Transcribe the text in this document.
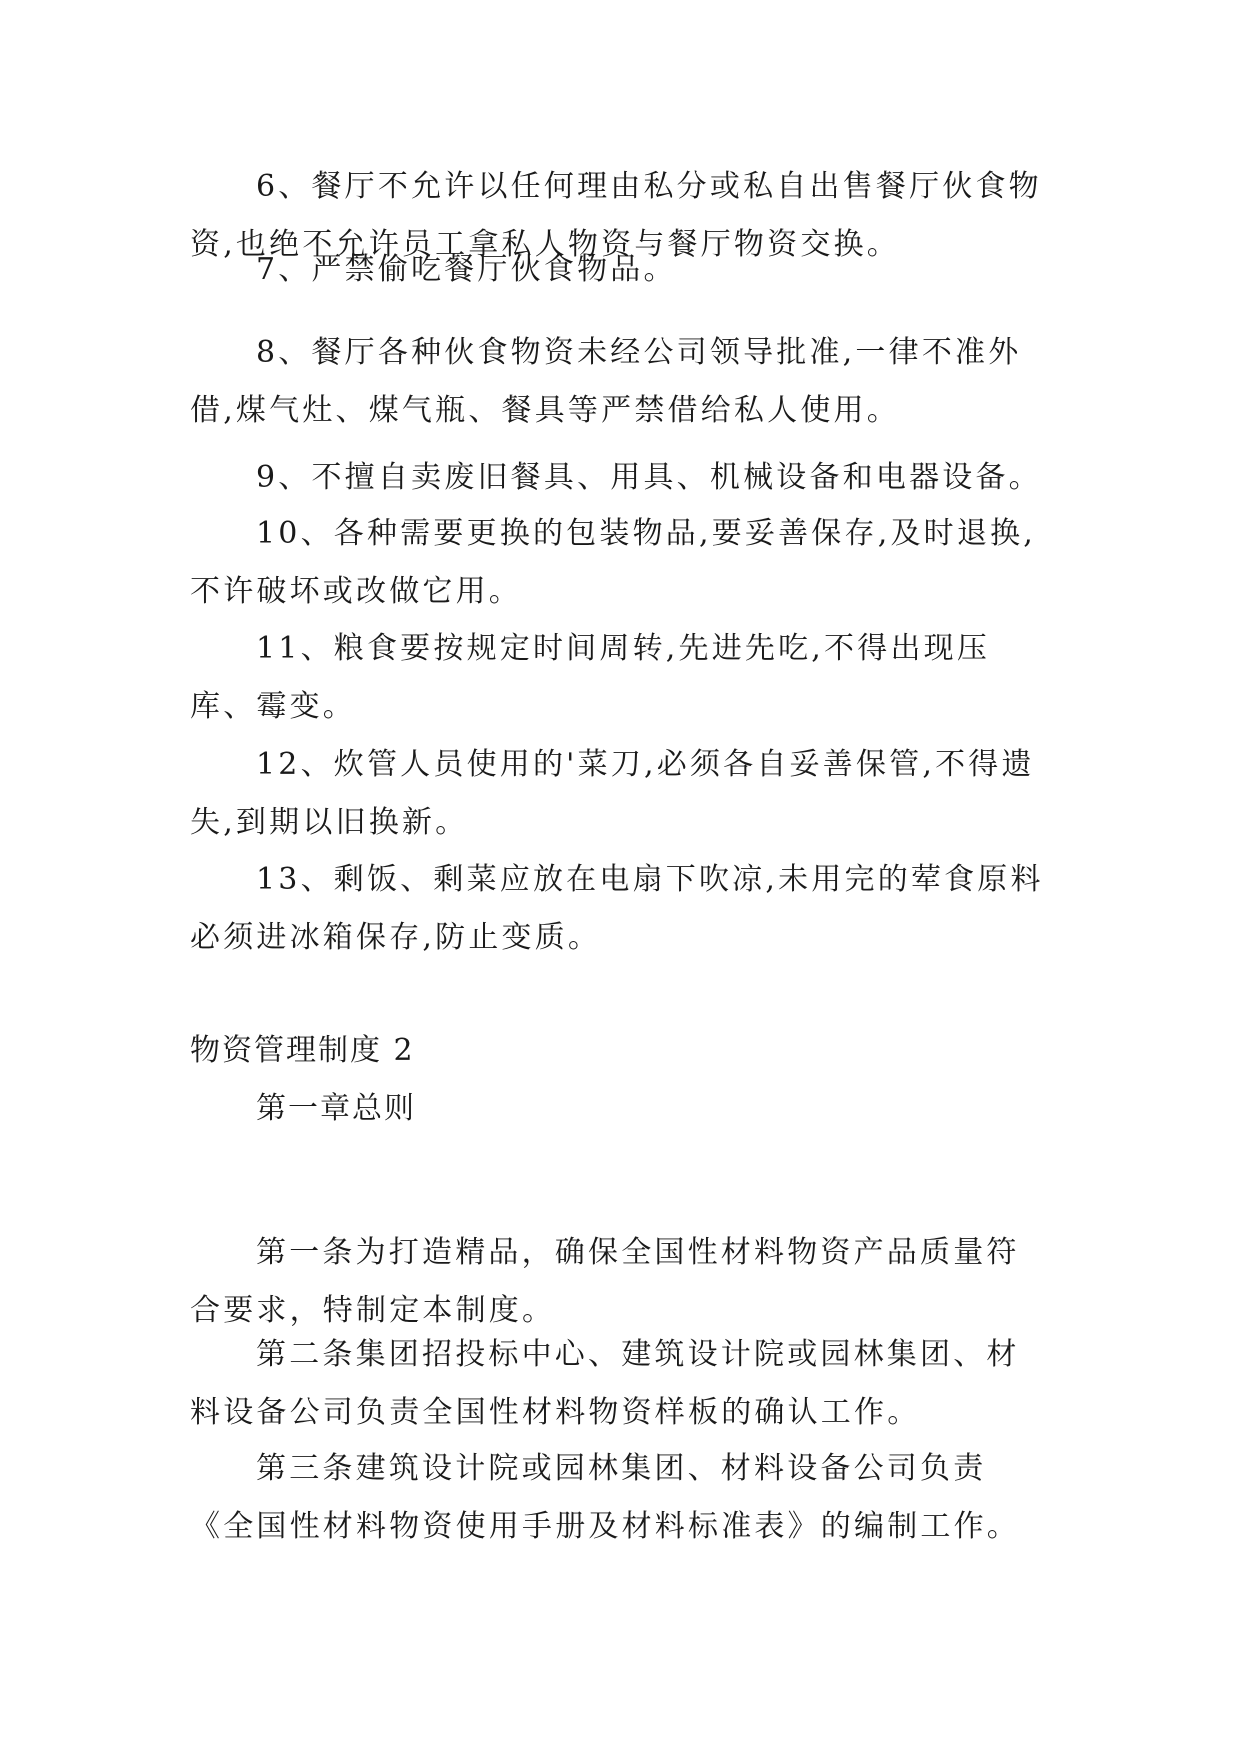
6、餐厅不允许以任何理由私分或私自出售餐厅伙食物资,也绝不允许员工拿私人物资与餐厅物资交换。

7、严禁偷吃餐厅伙食物品。

8、餐厅各种伙食物资未经公司领导批准,一律不准外借,煤气灶、煤气瓶、餐具等严禁借给私人使用。

9、不擅自卖废旧餐具、用具、机械设备和电器设备。

10、各种需要更换的包装物品,要妥善保存,及时退换,不许破坏或改做它用。

11、粮食要按规定时间周转,先进先吃,不得出现压库、霉变。

12、炊管人员使用的'菜刀,必须各自妥善保管,不得遗失,到期以旧换新。

13、剩饭、剩菜应放在电扇下吹凉,未用完的荤食原料必须进冰箱保存,防止变质。

物资管理制度 2

第一章总则

第一条为打造精品，确保全国性材料物资产品质量符合要求，特制定本制度。

第二条集团招投标中心、建筑设计院或园林集团、材料设备公司负责全国性材料物资样板的确认工作。

第三条建筑设计院或园林集团、材料设备公司负责《全国性材料物资使用手册及材料标准表》的编制工作。
